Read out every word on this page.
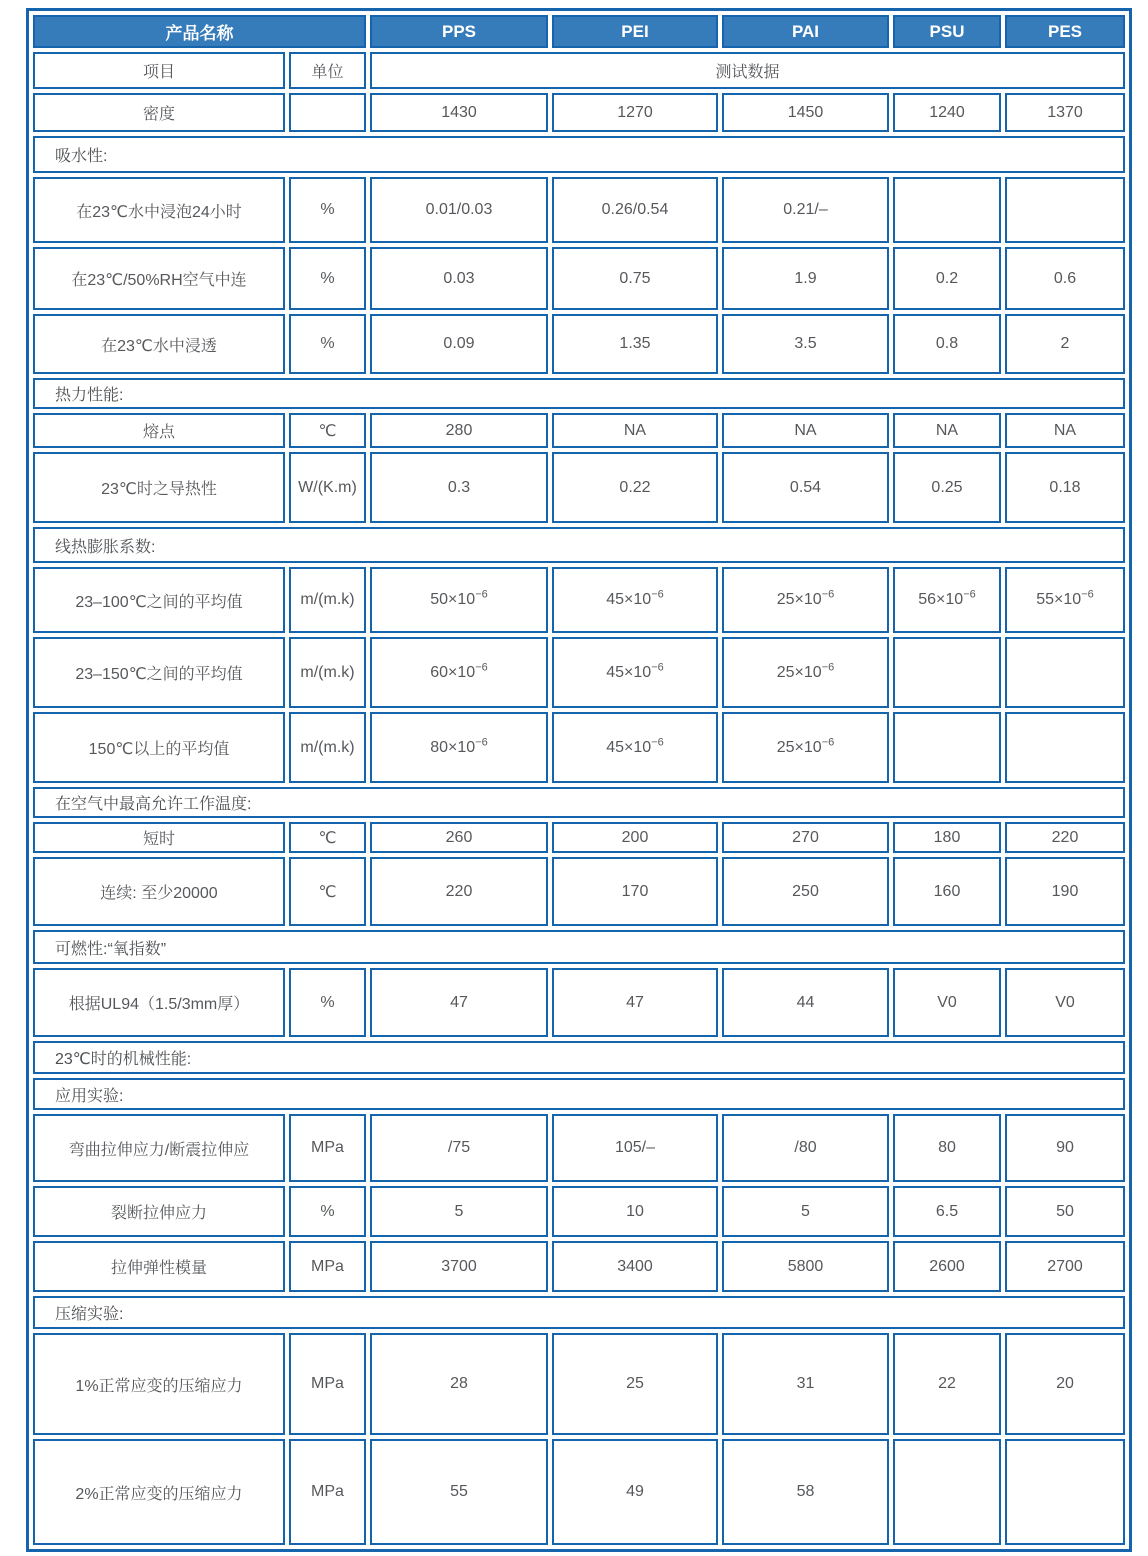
产品名称		PPS	PEI	PAI	PSU	PES
项目	单位	测试数据				
密度		1430	1270	1450	1240	1370
吸水性:						
在23℃水中浸泡24小时	%	0.01/0.03	0.26/0.54	0.21/–		
在23℃/50%RH空气中连	%	0.03	0.75	1.9	0.2	0.6
在23℃水中浸透	%	0.09	1.35	3.5	0.8	2
热力性能:						
熔点	℃	280	NA	NA	NA	NA
23℃时之导热性	W/(K.m)	0.3	0.22	0.54	0.25	0.18
线热膨胀系数:						
23–100℃之间的平均值	m/(m.k)	$50\times 10^{-6}$	$45\times 10^{-6}$	$25\times 10^{-6}$	$56\times 10^{-6}$	$55\times 10^{-6}$
23–150℃之间的平均值	m/(m.k)	$60\times 10^{-6}$	$45\times 10^{-6}$	$25\times 10^{-6}$		
150℃以上的平均值	m/(m.k)	$80\times 10^{-6}$	$45\times 10^{-6}$	$25\times 10^{-6}$		
在空气中最高允许工作温度:						
短时	℃	260	200	270	180	220
连续: 至少20000	℃	220	170	250	160	190
可燃性:“氧指数”						
根据UL94（1.5/3mm厚）	%	47	47	44	V0	V0
23℃时的机械性能:						
应用实验:						
弯曲拉伸应力/断震拉伸应	MPa	/75	105/–	/80	80	90
裂断拉伸应力	%	5	10	5	6.5	50
拉伸弹性模量	MPa	3700	3400	5800	2600	2700
压缩实验:						
1%正常应变的压缩应力	MPa	28	25	31	22	20
2%正常应变的压缩应力	MPa	55	49	58		
